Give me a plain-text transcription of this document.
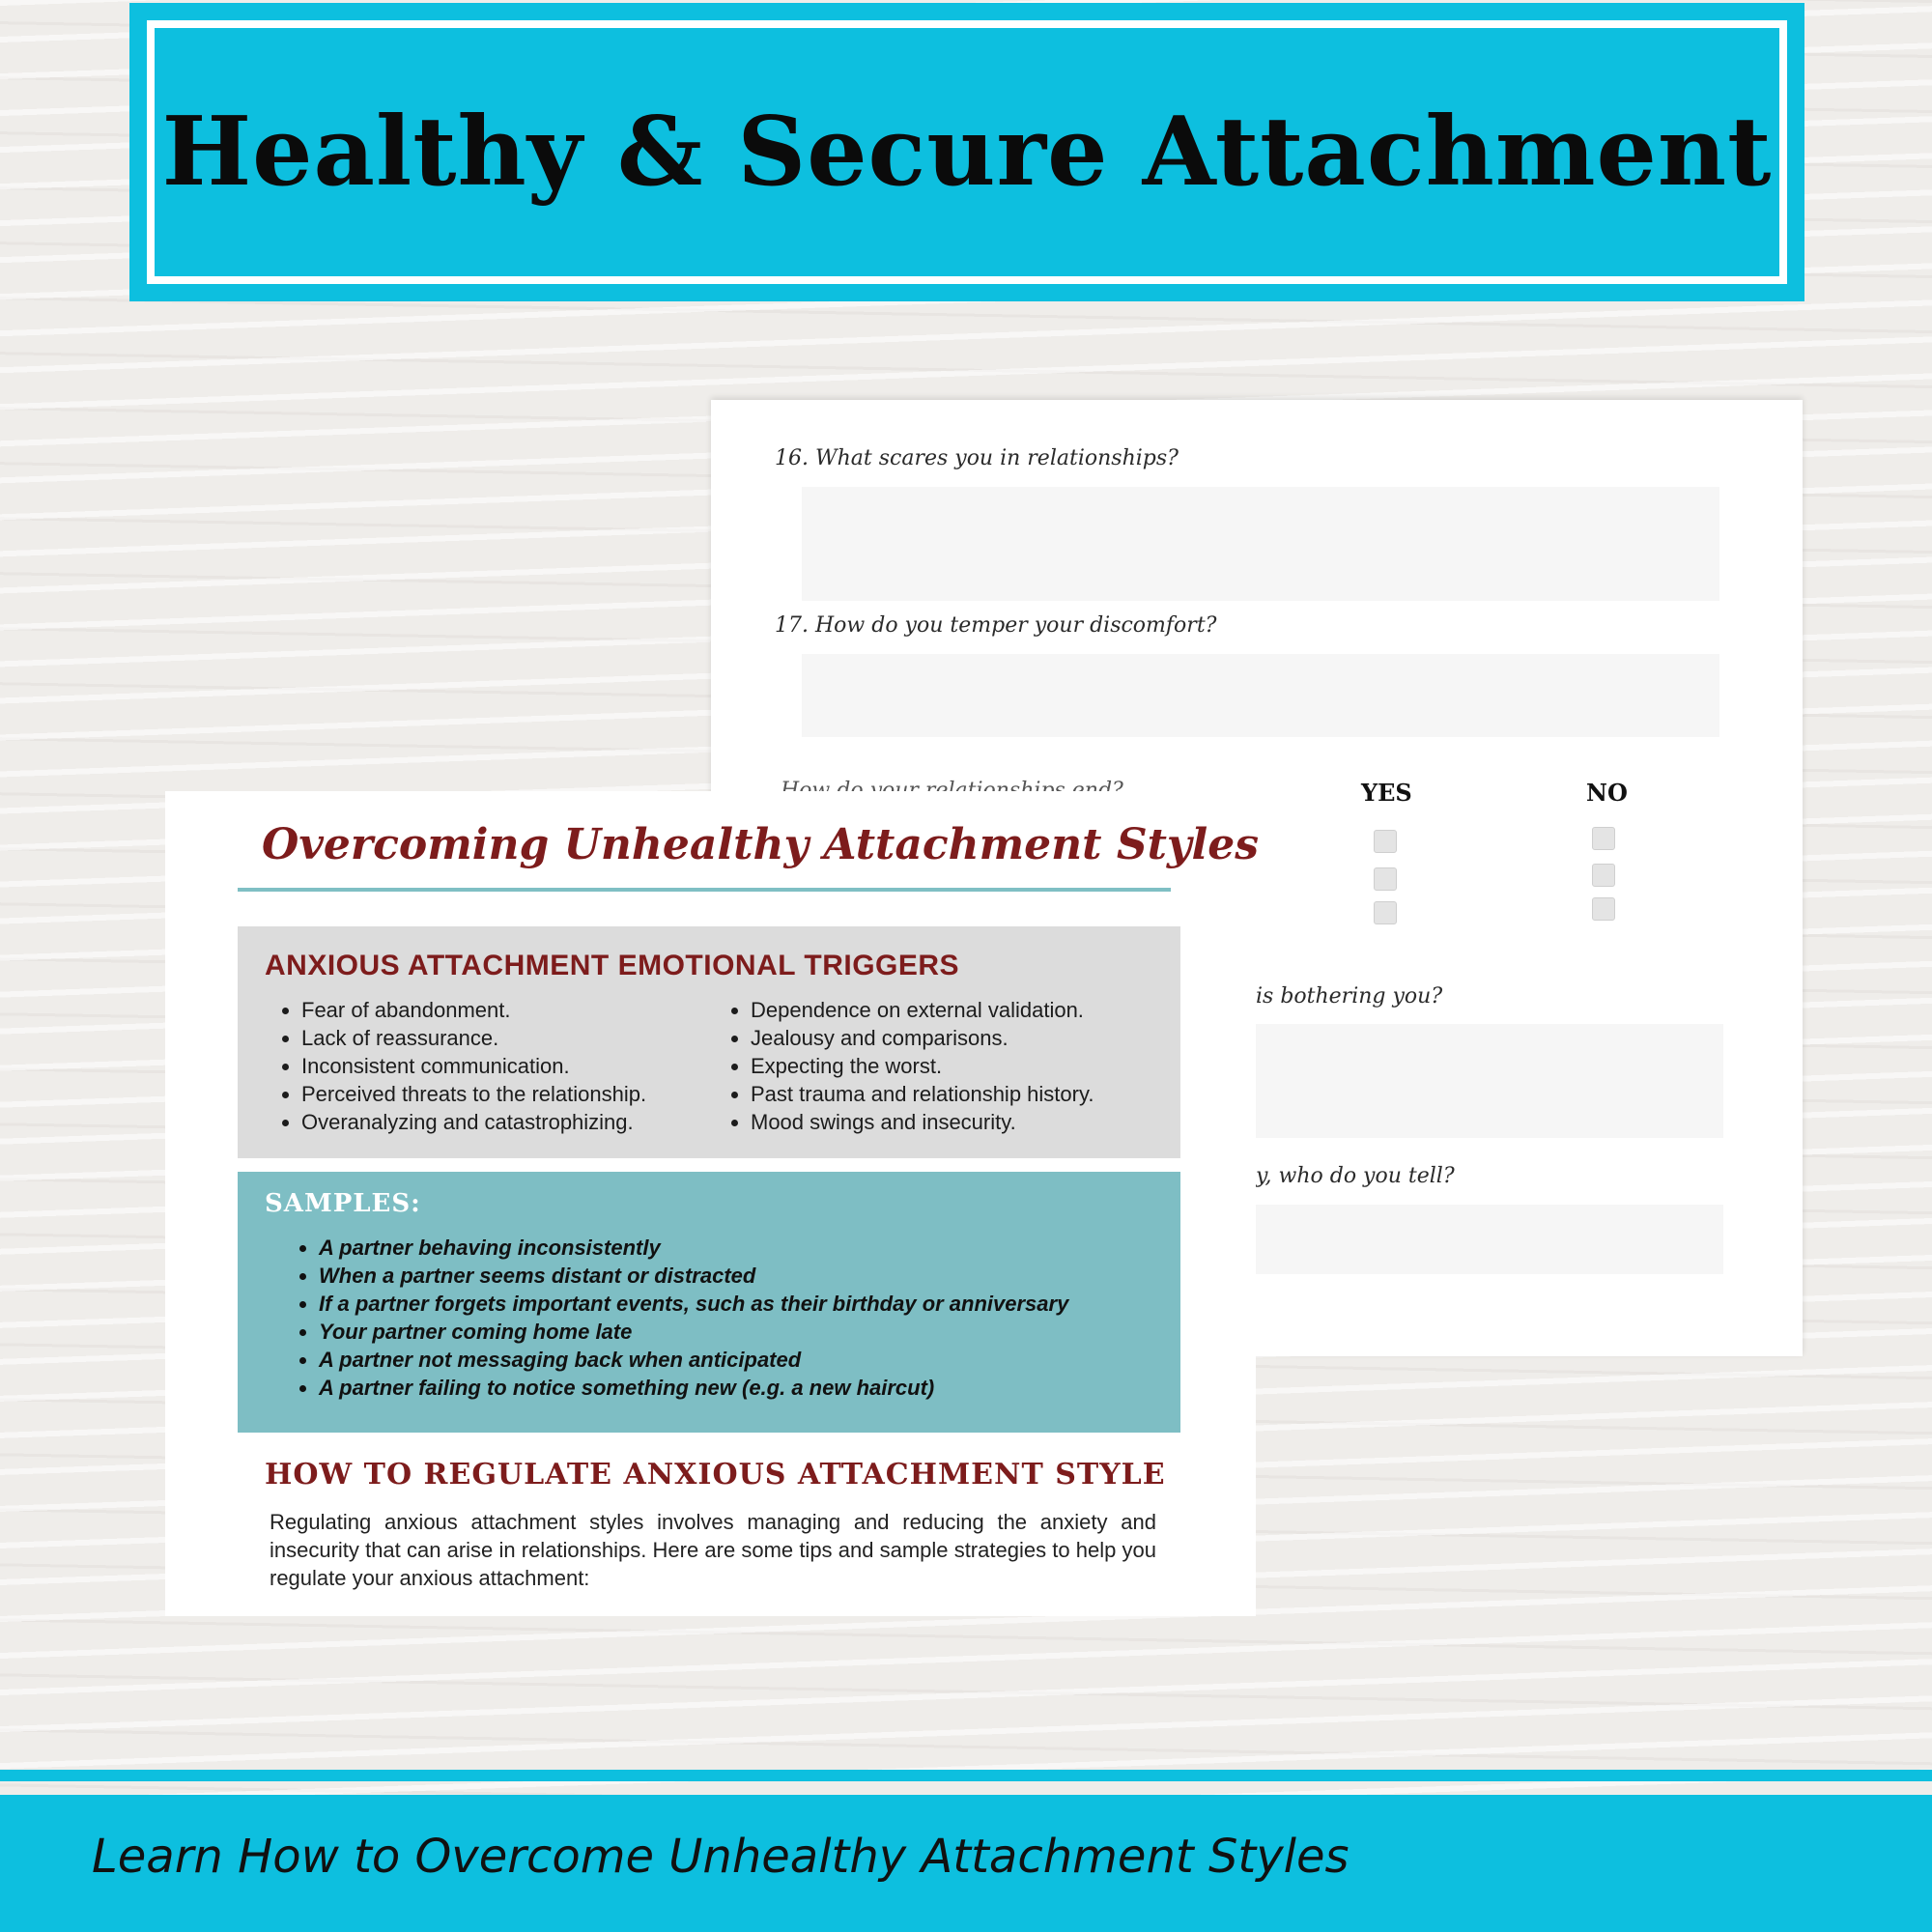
Healthy & Secure Attachment

16. What scares you in relationships?

17. How do you temper your discomfort?

YES	NO

is bothering you?

y, who do you tell?

Overcoming Unhealthy Attachment Styles
ANXIOUS ATTACHMENT EMOTIONAL TRIGGERS
• Fear of abandonment.
• Lack of reassurance.
• Inconsistent communication.
• Perceived threats to the relationship.
• Overanalyzing and catastrophizing.
• Dependence on external validation.
• Jealousy and comparisons.
• Expecting the worst.
• Past trauma and relationship history.
• Mood swings and insecurity.
SAMPLES:
• A partner behaving inconsistently
• When a partner seems distant or distracted
• If a partner forgets important events, such as their birthday or anniversary
• Your partner coming home late
• A partner not messaging back when anticipated
• A partner failing to notice something new (e.g. a new haircut)
HOW TO REGULATE ANXIOUS ATTACHMENT STYLE

Regulating anxious attachment styles involves managing and reducing the anxiety and insecurity that can arise in relationships. Here are some tips and sample strategies to help you regulate your anxious attachment:

Learn How to Overcome Unhealthy Attachment Styles
